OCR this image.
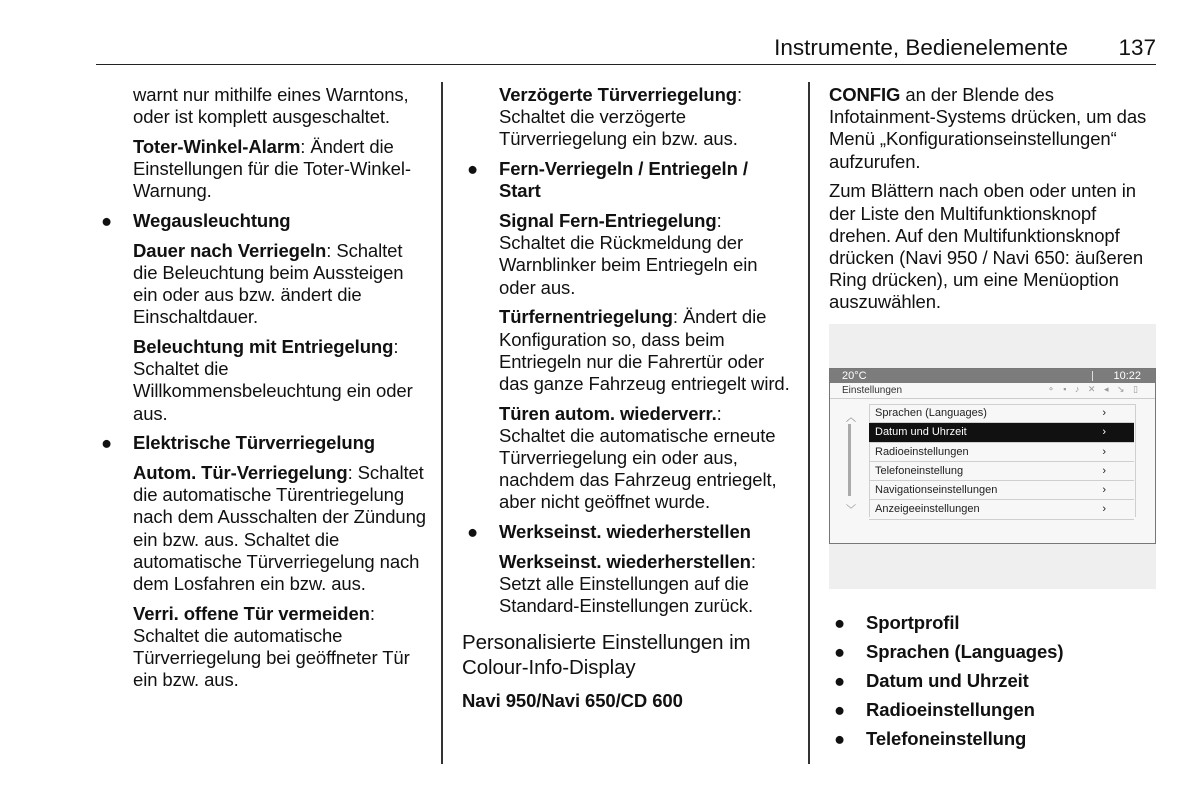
Instrumente, Bedienelemente 137

warnt nur mithilfe eines Warntons, oder ist komplett ausgeschaltet.

Toter-Winkel-Alarm: Ändert die Einstellungen für die Toter-Winkel-Warnung.

● Wegausleuchtung

Dauer nach Verriegeln: Schaltet die Beleuchtung beim Aussteigen ein oder aus bzw. ändert die Einschaltdauer.

Beleuchtung mit Entriegelung: Schaltet die Willkommensbeleuchtung ein oder aus.

● Elektrische Türverriegelung

Autom. Tür-Verriegelung: Schaltet die automatische Türentriegelung nach dem Ausschalten der Zündung ein bzw. aus. Schaltet die automatische Türverriegelung nach dem Losfahren ein bzw. aus.

Verri. offene Tür vermeiden: Schaltet die automatische Türverriegelung bei geöffneter Tür ein bzw. aus.

Verzögerte Türverriegelung: Schaltet die verzögerte Türverriegelung ein bzw. aus.

● Fern-Verriegeln / Entriegeln / Start

Signal Fern-Entriegelung: Schaltet die Rückmeldung der Warnblinker beim Entriegeln ein oder aus.

Türfernentriegelung: Ändert die Konfiguration so, dass beim Entriegeln nur die Fahrertür oder das ganze Fahrzeug entriegelt wird.

Türen autom. wiederverr.: Schaltet die automatische erneute Türverriegelung ein oder aus, nachdem das Fahrzeug entriegelt, aber nicht geöffnet wurde.

● Werkseinst. wiederherstellen

Werkseinst. wiederherstellen: Setzt alle Einstellungen auf die Standard-Einstellungen zurück.

Personalisierte Einstellungen im Colour-Info-Display

Navi 950/Navi 650/CD 600

CONFIG an der Blende des Infotainment-Systems drücken, um das Menü „Konfigurationseinstellungen“ aufzurufen.

Zum Blättern nach oben oder unten in der Liste den Multifunktionsknopf drehen. Auf den Multifunktionsknopf drücken (Navi 950 / Navi 650: äußeren Ring drücken), um eine Menüoption auszuwählen.

20°C	10:22
Einstellungen	⚬ ▪ ♪ ✕ ◂ ↘ ▯
︿
﹀
Sprachen (Languages)	›
Datum und Uhrzeit	›
Radioeinstellungen	›
Telefoneinstellung	›
Navigationseinstellungen	›
Anzeigeeinstellungen	›
● Sportprofil
● Sprachen (Languages)
● Datum und Uhrzeit
● Radioeinstellungen
● Telefoneinstellung
